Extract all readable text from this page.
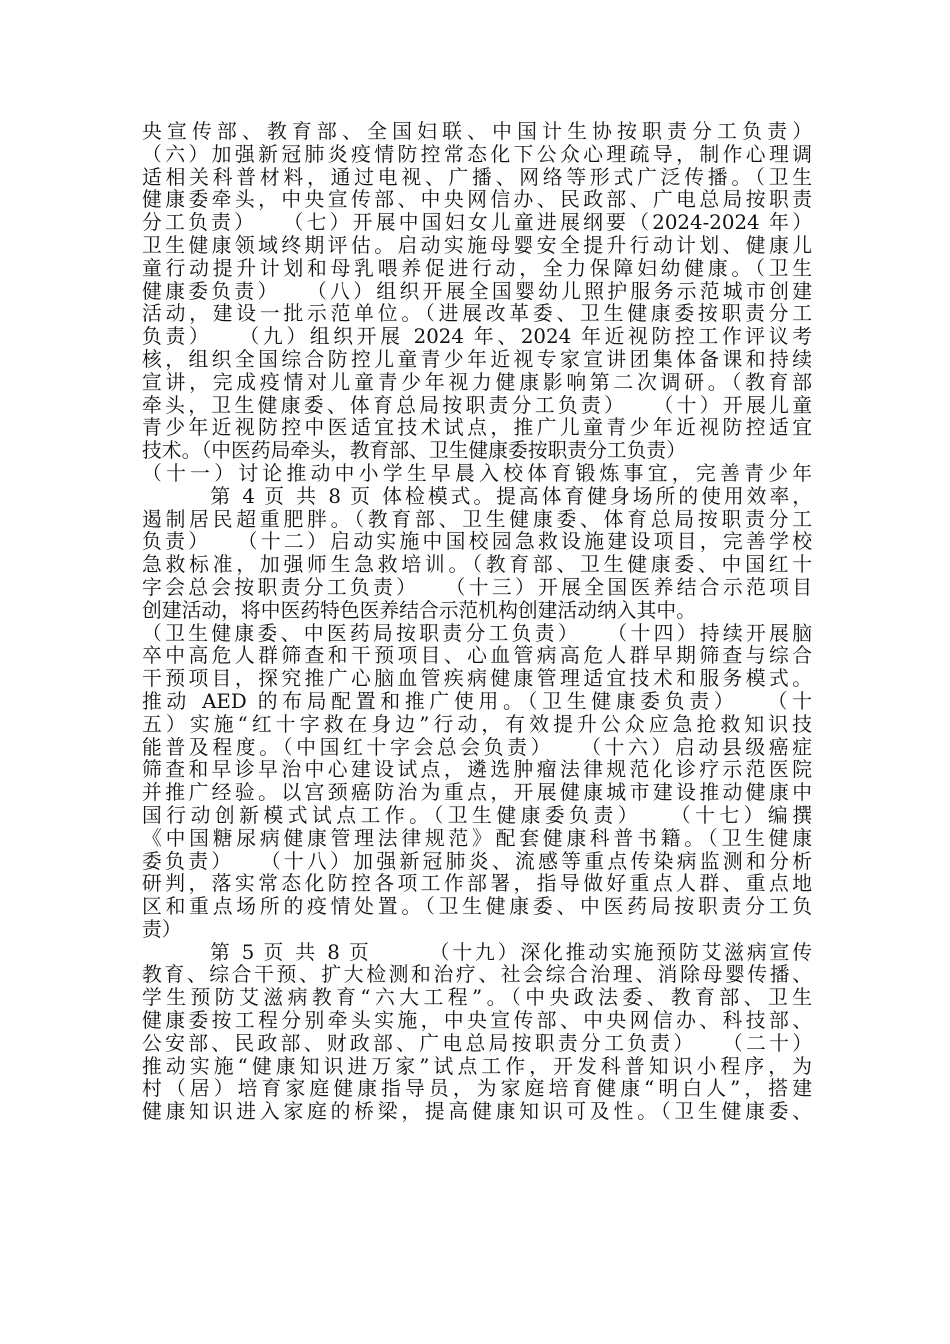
央宣传部、教育部、全国妇联、中国计生协按职责分工负责）
（六）加强新冠肺炎疫情防控常态化下公众心理疏导，制作心理调
适相关科普材料，通过电视、广播、网络等形式广泛传播。（卫生
健康委牵头，中央宣传部、中央网信办、民政部、广电总局按职责
分工负责）　　（七）开展中国妇女儿童进展纲要（2024-2024 年）
卫生健康领域终期评估。启动实施母婴安全提升行动计划、健康儿
童行动提升计划和母乳喂养促进行动，全力保障妇幼健康。（卫生
健康委负责）　　（八）组织开展全国婴幼儿照护服务示范城市创建
活动，建设一批示范单位。（进展改革委、卫生健康委按职责分工
负责）　　（九）组织开展 2024 年、2024 年近视防控工作评议考
核，组织全国综合防控儿童青少年近视专家宣讲团集体备课和持续
宣讲，完成疫情对儿童青少年视力健康影响第二次调研。（教育部
牵头，卫生健康委、体育总局按职责分工负责）　　（十）开展儿童
青少年近视防控中医适宜技术试点，推广儿童青少年近视防控适宜
技术。（中医药局牵头，教育部、卫生健康委按职责分工负责）
（十一）讨论推动中小学生早晨入校体育锻炼事宜，完善青少年
　　　第 4 页 共 8 页 体检模式。提高体育健身场所的使用效率，
遏制居民超重肥胖。（教育部、卫生健康委、体育总局按职责分工
负责）　　（十二）启动实施中国校园急救设施建设项目，完善学校
急救标准，加强师生急救培训。（教育部、卫生健康委、中国红十
字会总会按职责分工负责）　　（十三）开展全国医养结合示范项目
创建活动，将中医药特色医养结合示范机构创建活动纳入其中。
（卫生健康委、中医药局按职责分工负责）　　（十四）持续开展脑
卒中高危人群筛查和干预项目、心血管病高危人群早期筛查与综合
干预项目，探究推广心脑血管疾病健康管理适宜技术和服务模式。
推动 AED 的布局配置和推广使用。（卫生健康委负责）　　（十
五）实施“红十字救在身边”行动，有效提升公众应急抢救知识技
能普及程度。（中国红十字会总会负责）　　（十六）启动县级癌症
筛查和早诊早治中心建设试点，遴选肿瘤法律规范化诊疗示范医院
并推广经验。以宫颈癌防治为重点，开展健康城市建设推动健康中
国行动创新模式试点工作。（卫生健康委负责）　　（十七）编撰
《中国糖尿病健康管理法律规范》配套健康科普书籍。（卫生健康
委负责）　　（十八）加强新冠肺炎、流感等重点传染病监测和分析
研判，落实常态化防控各项工作部署，指导做好重点人群、重点地
区和重点场所的疫情处置。（卫生健康委、中医药局按职责分工负
责）
　　　第 5 页 共 8 页　　　（十九）深化推动实施预防艾滋病宣传
教育、综合干预、扩大检测和治疗、社会综合治理、消除母婴传播、
学生预防艾滋病教育“六大工程”。（中央政法委、教育部、卫生
健康委按工程分别牵头实施，中央宣传部、中央网信办、科技部、
公安部、民政部、财政部、广电总局按职责分工负责）　　（二十）
推动实施“健康知识进万家”试点工作，开发科普知识小程序，为
村（居）培育家庭健康指导员，为家庭培育健康“明白人”，搭建
健康知识进入家庭的桥梁，提高健康知识可及性。（卫生健康委、
